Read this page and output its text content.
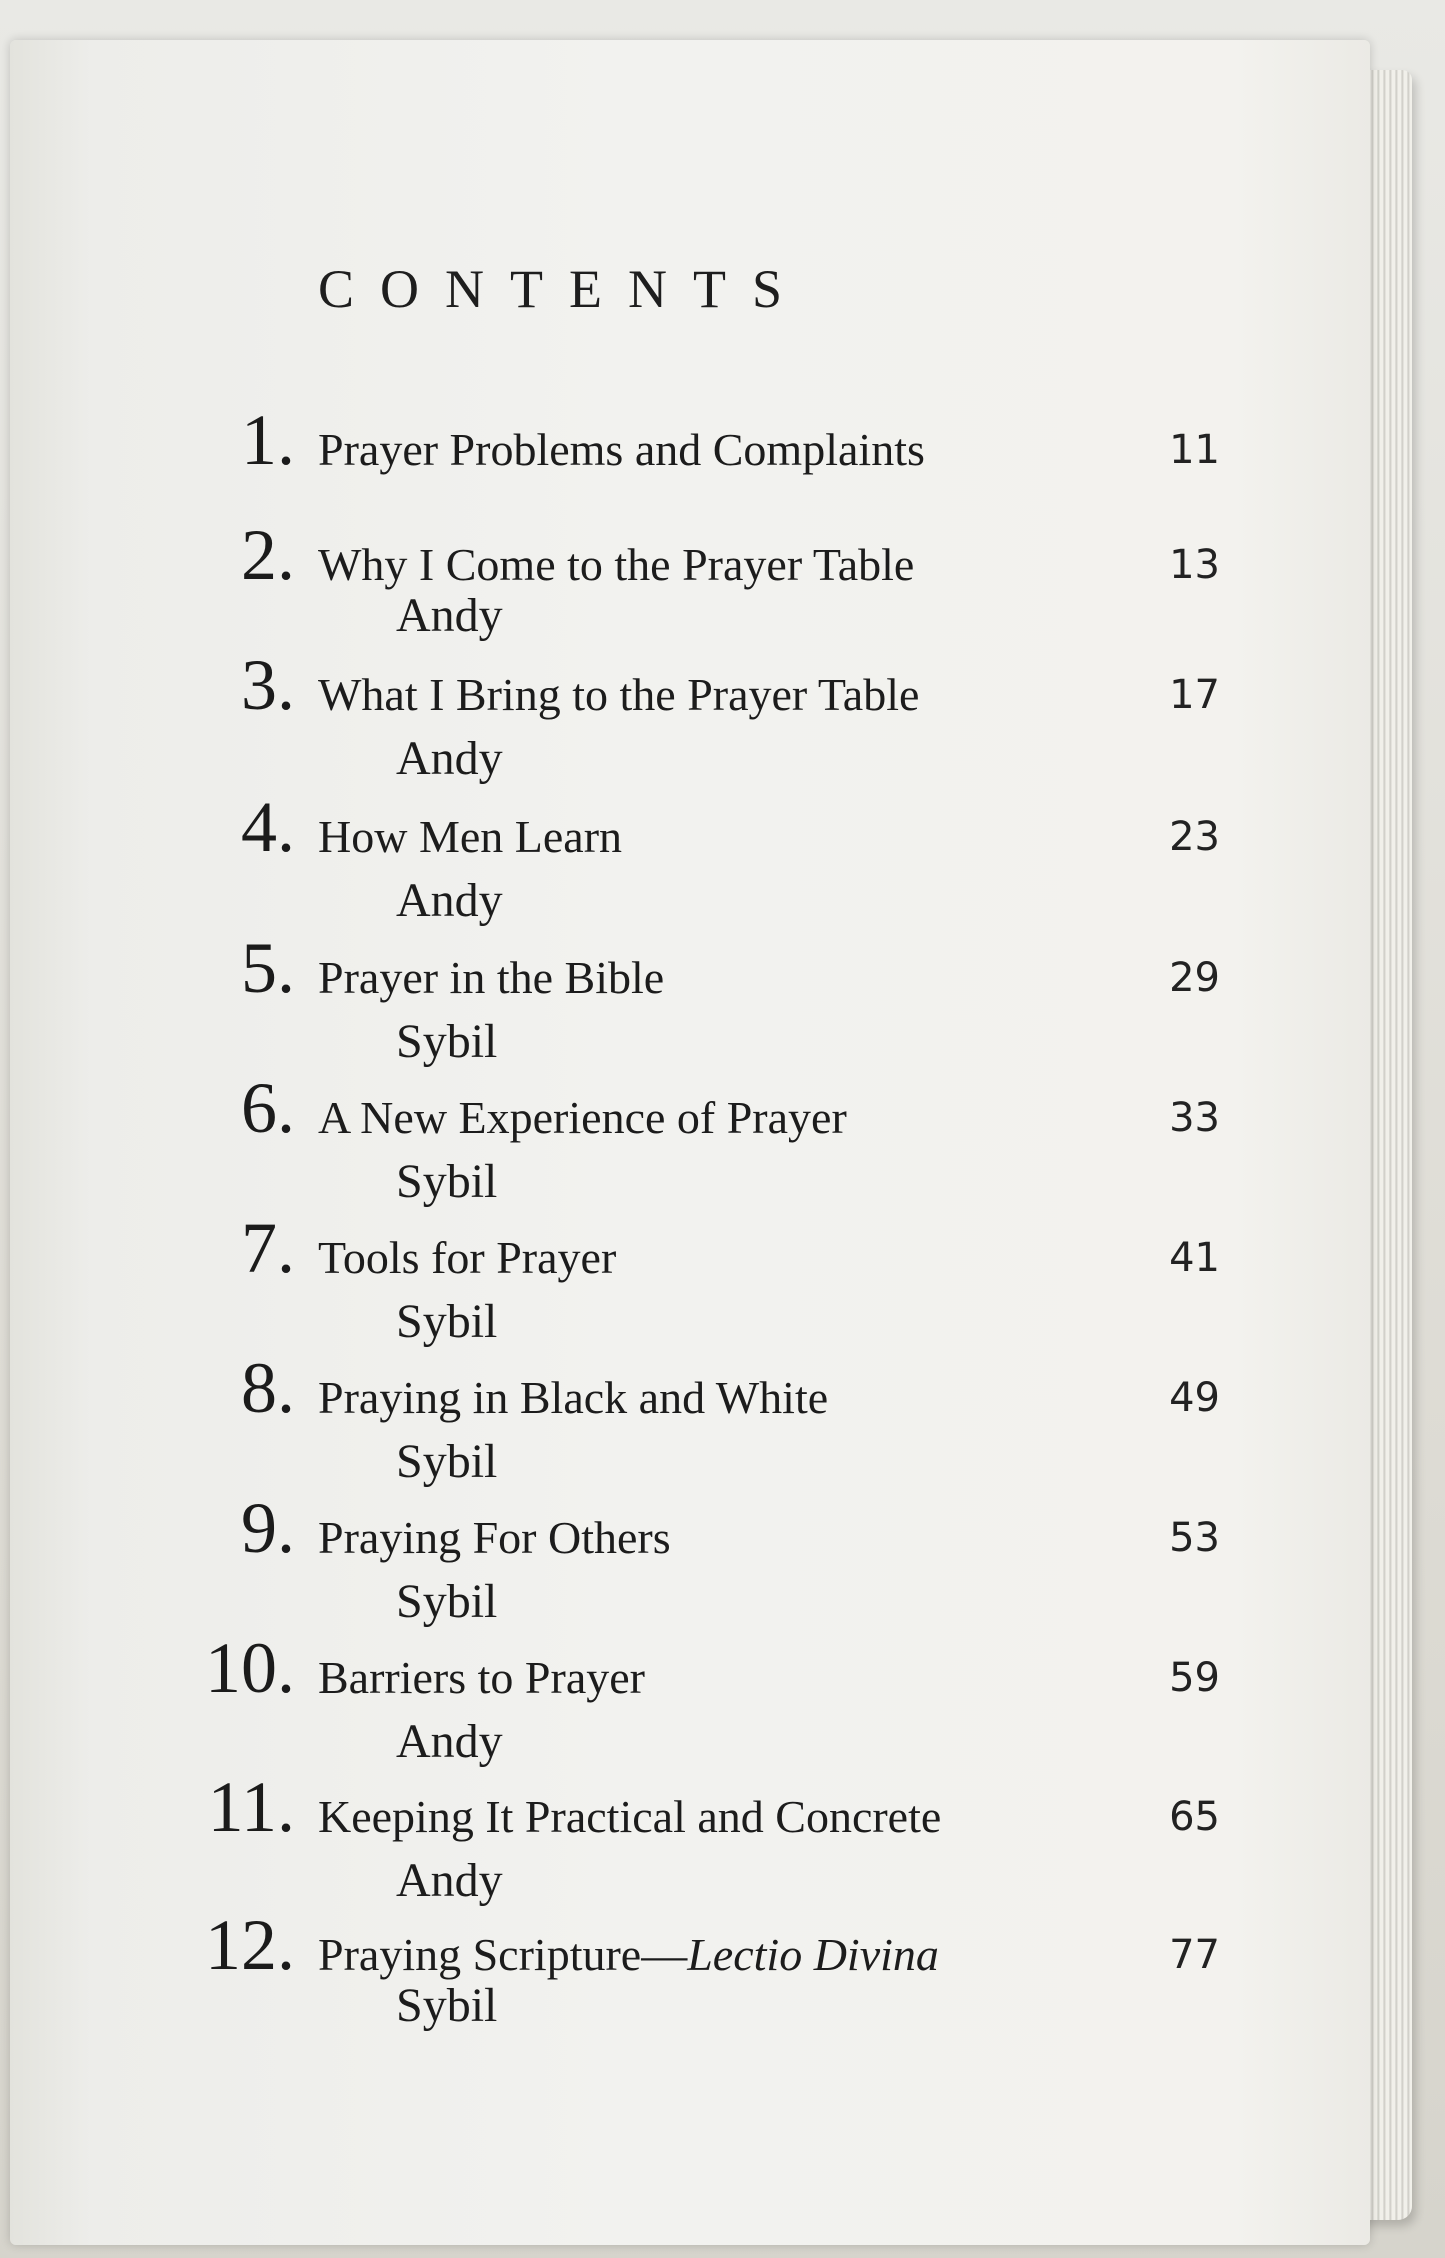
CONTENTS
1. Prayer Problems and Complaints	11
2. Why I Come to the Prayer Table
Andy
13
3. What I Bring to the Prayer Table
Andy
17
4. How Men Learn
Andy
23
5. Prayer in the Bible
Sybil
29
6. A New Experience of Prayer
Sybil
33
7. Tools for Prayer
Sybil
41
8. Praying in Black and White
Sybil
49
9. Praying For Others
Sybil
53
10. Barriers to Prayer
Andy
59
11. Keeping It Practical and Concrete
Andy
65
12. Praying Scripture—Lectio Divina
Sybil
77
